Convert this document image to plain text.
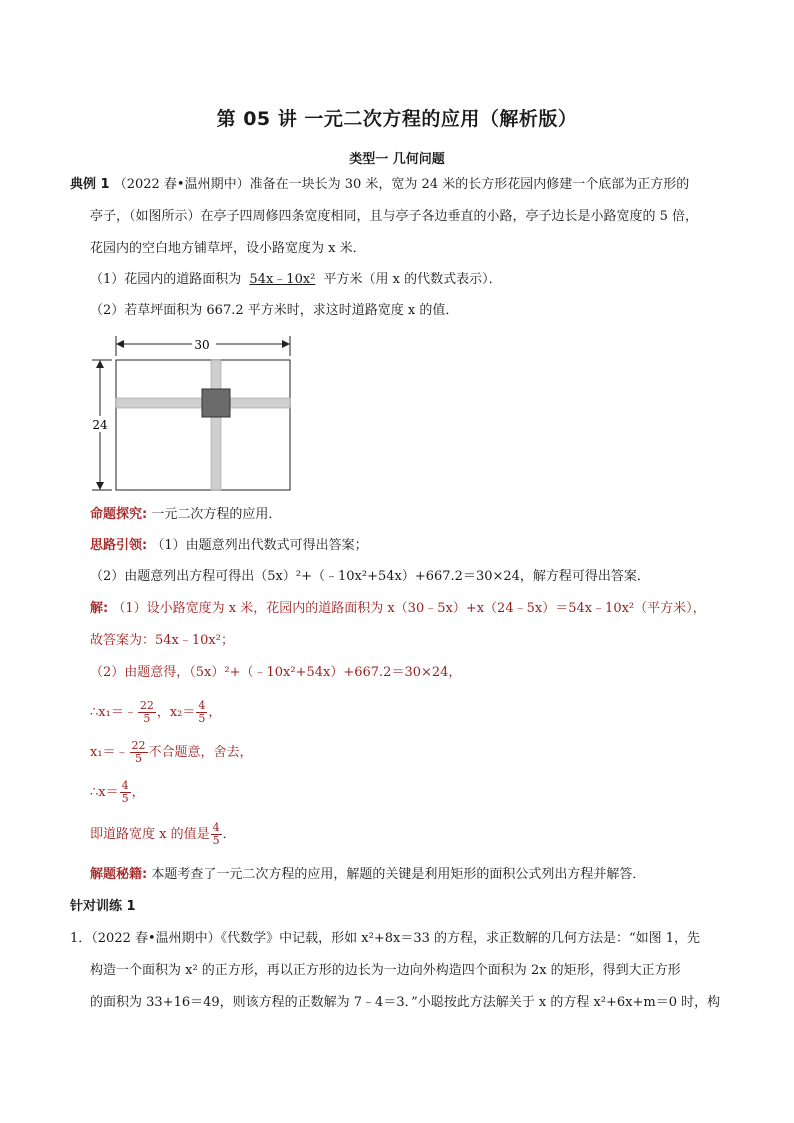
第 05 讲 一元二次方程的应用（解析版）
类型一 几何问题
典例 1 （2022 春•温州期中）准备在一块长为 30 米，宽为 24 米的长方形花园内修建一个底部为正方形的
亭子，（如图所示）在亭子四周修四条宽度相同，且与亭子各边垂直的小路，亭子边长是小路宽度的 5 倍，
花园内的空白地方铺草坪，设小路宽度为 x 米．
（1）花园内的道路面积为 54x﹣10x² 平方米（用 x 的代数式表示）．
（2）若草坪面积为 667.2 平方米时，求这时道路宽度 x 的值．
30
24
命题探究: 一元二次方程的应用．
思路引领: （1）由题意列出代数式可得出答案；
（2）由题意列出方程可得出（5x）²+（﹣10x²+54x）+667.2＝30×24，解方程可得出答案．
解: （1）设小路宽度为 x 米，花园内的道路面积为 x（30﹣5x）+x（24﹣5x）＝54x﹣10x²（平方米），
故答案为：54x﹣10x²；
（2）由题意得，（5x）²+（﹣10x²+54x）+667.2＝30×24，
∴x₁＝﹣ $\frac{22}{5}$ ，$x_2= \frac{4}{5}$ ，
x₁＝﹣ $\frac{22}{5}$ 不合题意，舍去，
∴x＝ $\frac{4}{5}$ ，
即道路宽度 x 的值是 $\frac{4}{5}$ ．
解题秘籍: 本题考查了一元二次方程的应用，解题的关键是利用矩形的面积公式列出方程并解答．
针对训练 1
1．（2022 春•温州期中）《代数学》中记载，形如 x²+8x＝33 的方程，求正数解的几何方法是：“如图 1，先
构造一个面积为 x² 的正方形，再以正方形的边长为一边向外构造四个面积为 2x 的矩形，得到大正方形
的面积为 33+16＝49，则该方程的正数解为 7﹣4＝3．”小聪按此方法解关于 x 的方程 x²+6x+m＝0 时，构
